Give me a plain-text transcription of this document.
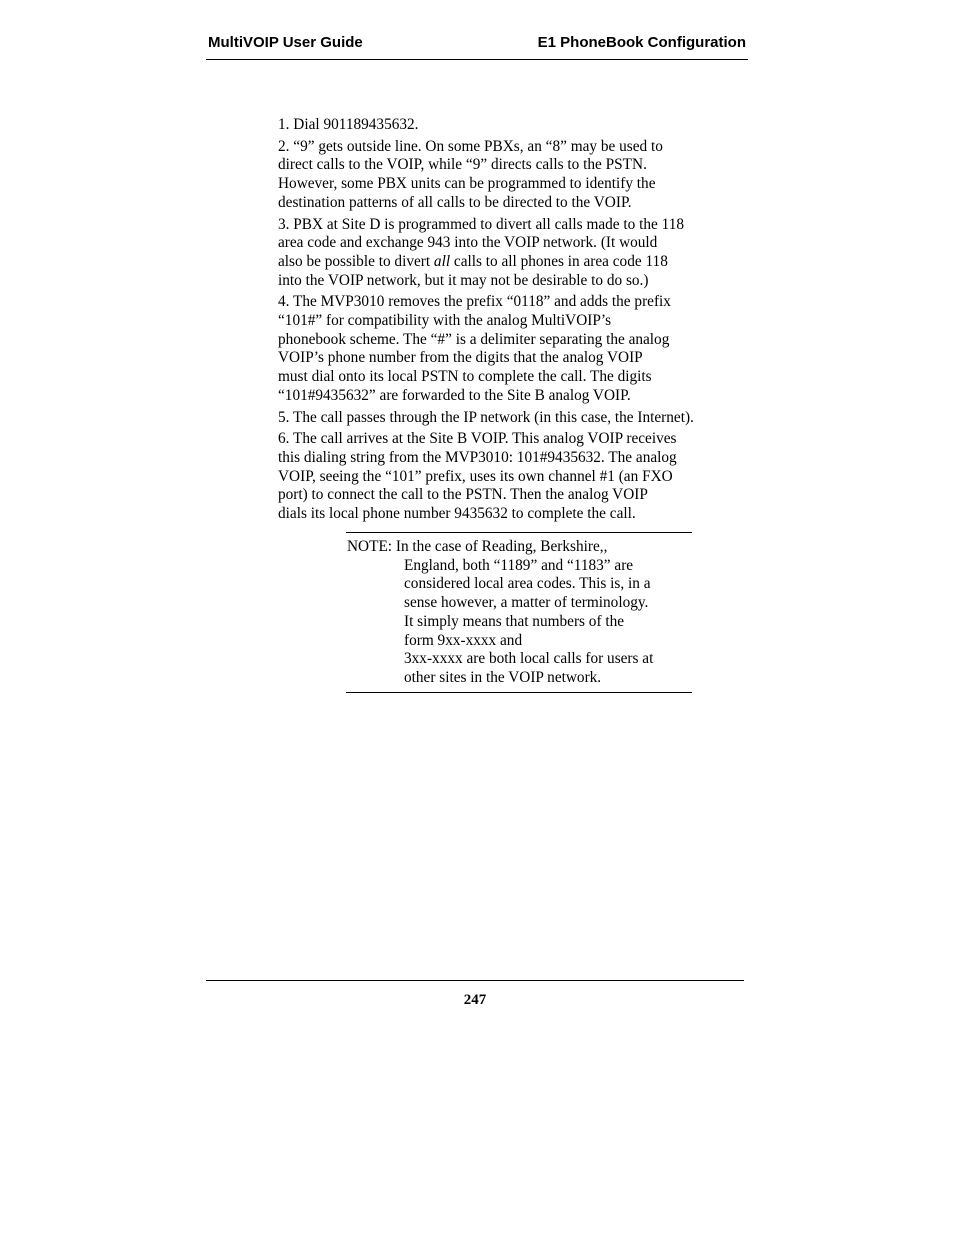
MultiVOIP User Guide	E1 PhoneBook Configuration
1. Dial 901189435632.
2. “9” gets outside line. On some PBXs, an “8” may be used to
direct calls to the VOIP, while “9” directs calls to the PSTN.
However, some PBX units can be programmed to identify the
destination patterns of all calls to be directed to the VOIP.
3. PBX at Site D is programmed to divert all calls made to the 118
area code and exchange 943 into the VOIP network. (It would
also be possible to divert all calls to all phones in area code 118
into the VOIP network, but it may not be desirable to do so.)
4. The MVP3010 removes the prefix “0118” and adds the prefix
“101#” for compatibility with the analog MultiVOIP’s
phonebook scheme. The “#” is a delimiter separating the analog
VOIP’s phone number from the digits that the analog VOIP
must dial onto its local PSTN to complete the call. The digits
“101#9435632” are forwarded to the Site B analog VOIP.
5. The call passes through the IP network (in this case, the Internet).
6. The call arrives at the Site B VOIP. This analog VOIP receives
this dialing string from the MVP3010: 101#9435632. The analog
VOIP, seeing the “101” prefix, uses its own channel #1 (an FXO
port) to connect the call to the PSTN. Then the analog VOIP
dials its local phone number 9435632 to complete the call.
NOTE: In the case of Reading, Berkshire,,
England, both “1189” and “1183” are
considered local area codes. This is, in a
sense however, a matter of terminology.
It simply means that numbers of the
form 9xx-xxxx and
3xx-xxxx are both local calls for users at
other sites in the VOIP network.
247
